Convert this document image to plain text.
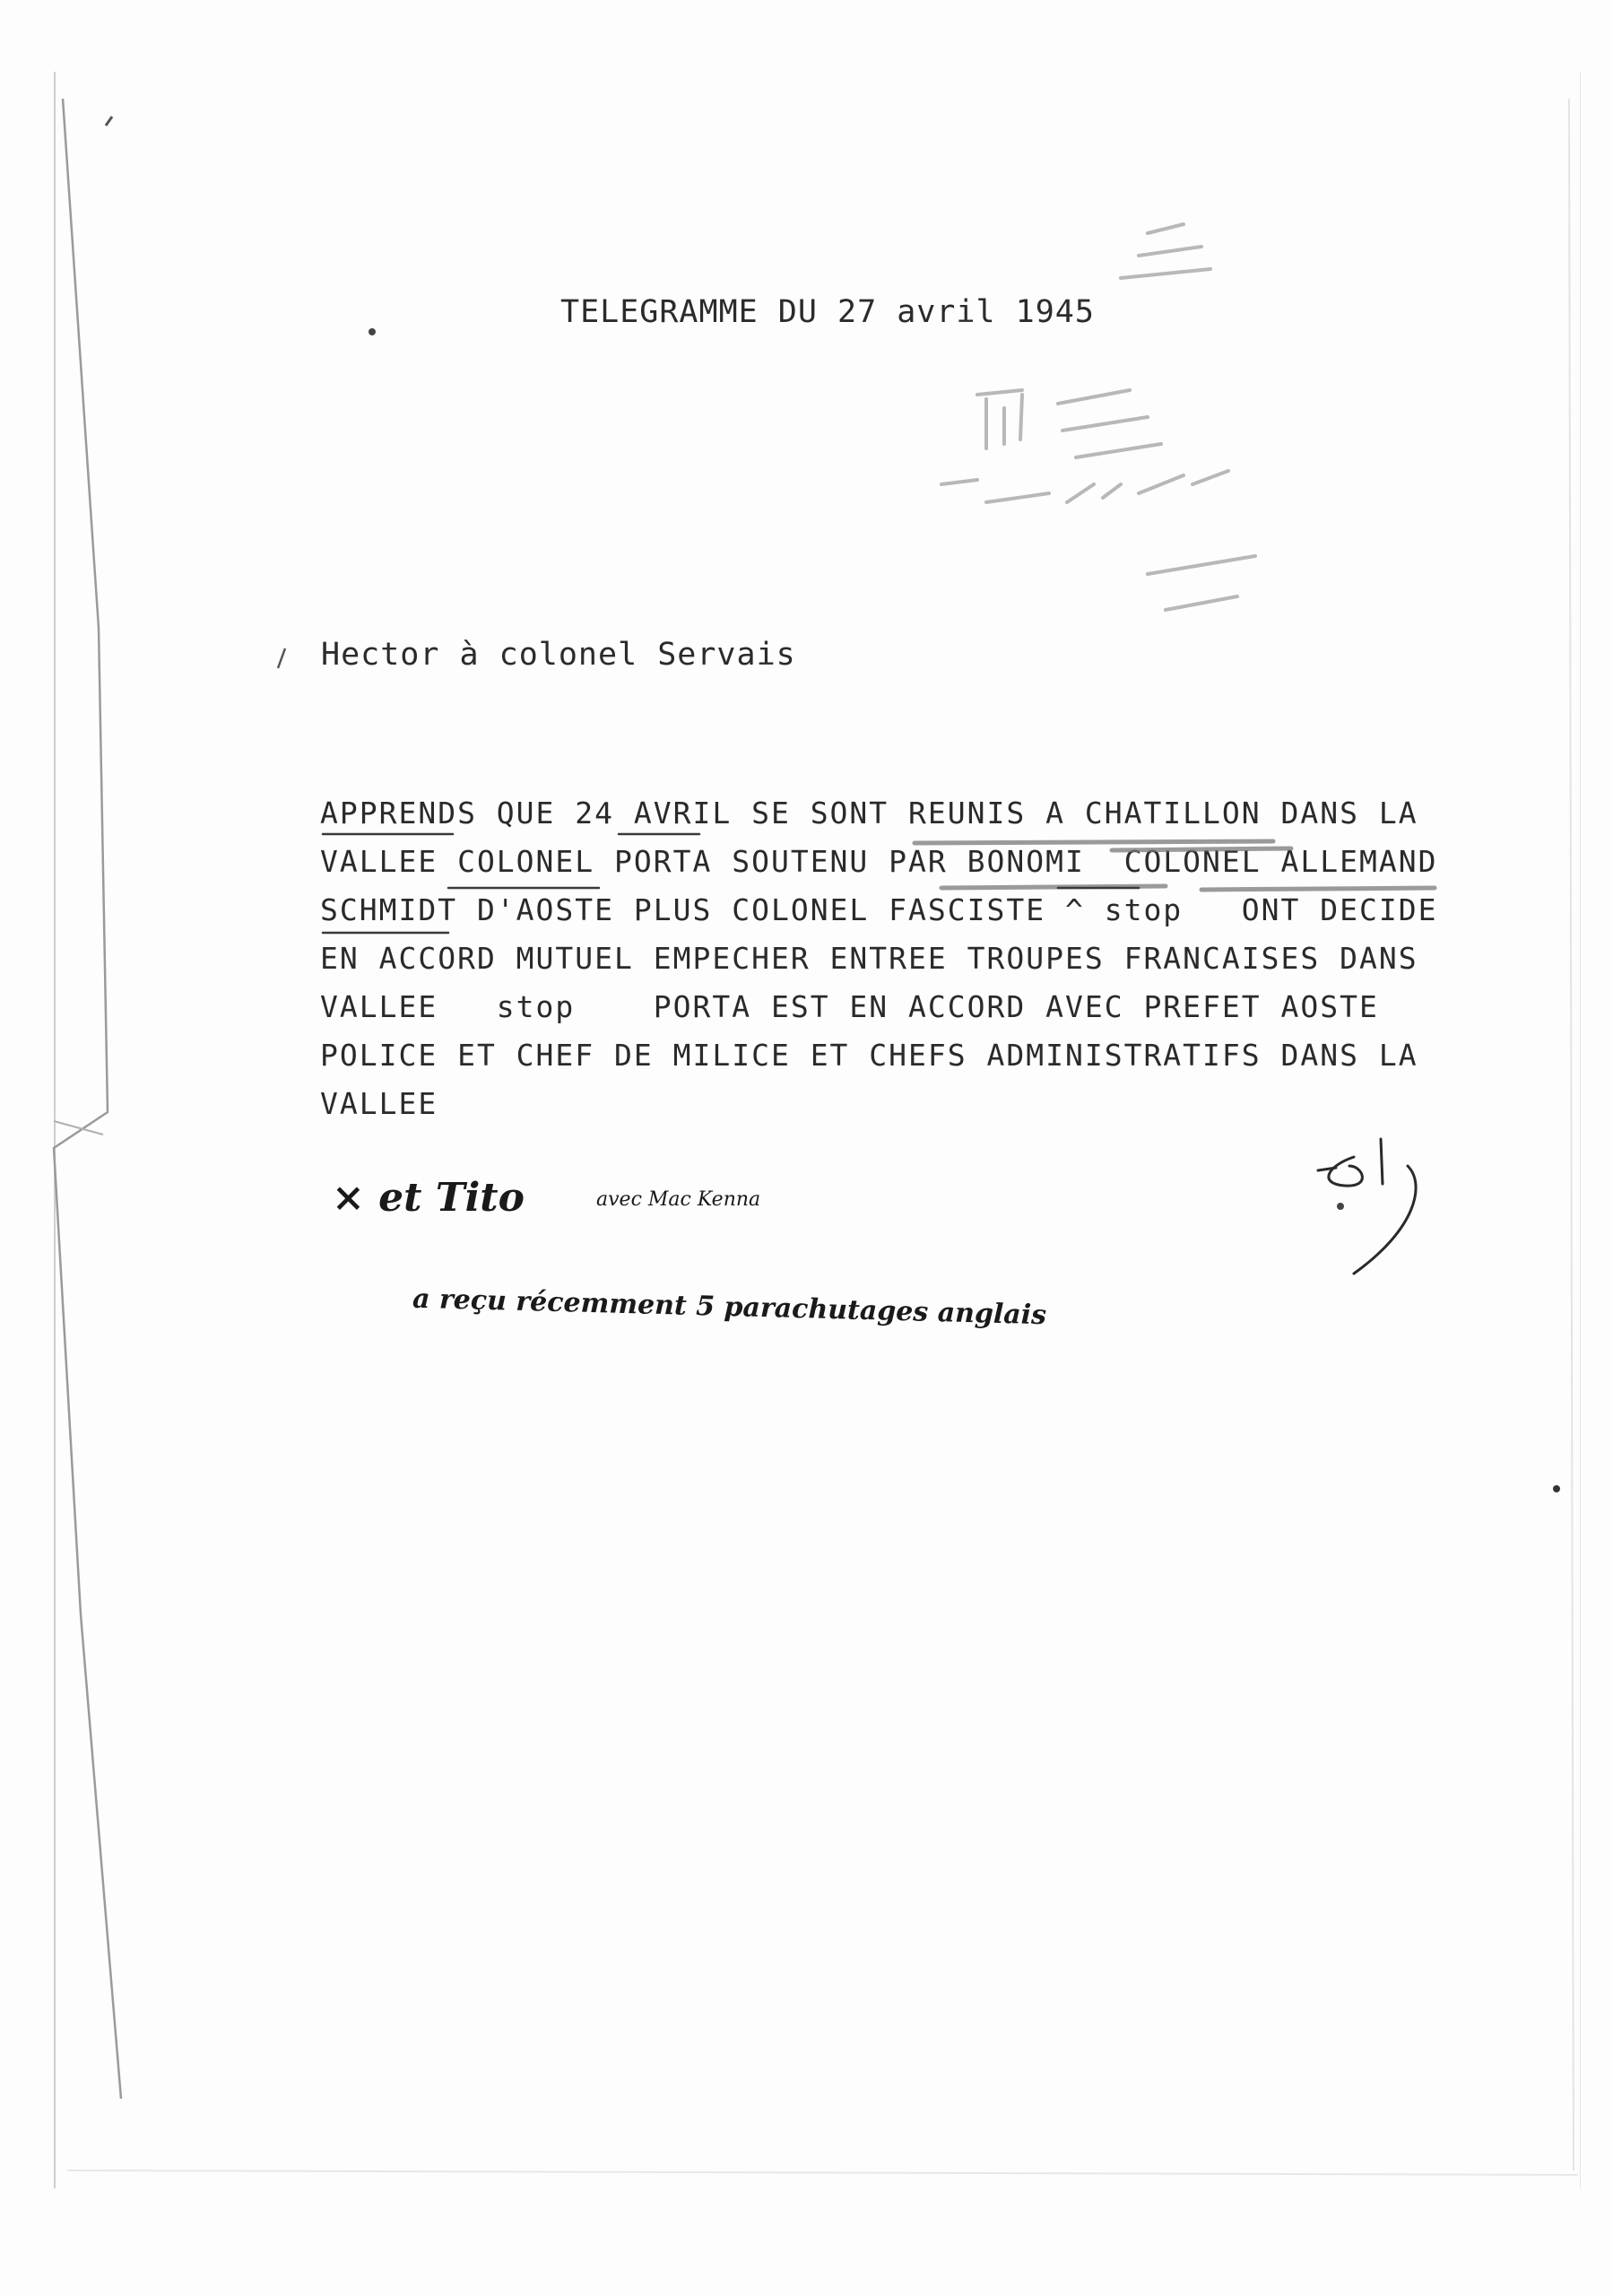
TELEGRAMME DU 27 avril 1945
Hector à colonel Servais
APPRENDS QUE 24 AVRIL SE SONT REUNIS A CHATILLON DANS LA
VALLEE COLONEL PORTA SOUTENU PAR BONOMI  COLONEL ALLEMAND
SCHMIDT D'AOSTE PLUS COLONEL FASCISTE ^ stop   ONT DECIDE
EN ACCORD MUTUEL EMPECHER ENTREE TROUPES FRANCAISES DANS
VALLEE   stop    PORTA EST EN ACCORD AVEC PREFET AOSTE
POLICE ET CHEF DE MILICE ET CHEFS ADMINISTRATIFS DANS LA
VALLEE
× et Tito	avec Mac Kenna
a reçu récemment 5 parachutages anglais
